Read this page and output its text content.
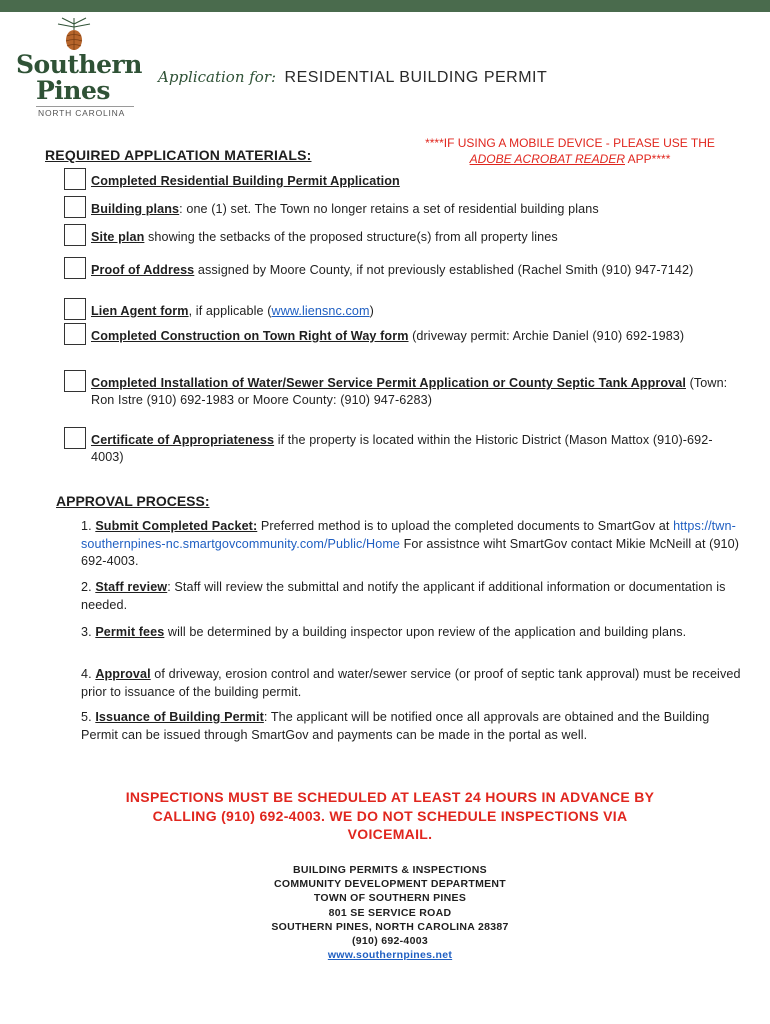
Southern
Pines
NORTH CAROLINA
Application for: RESIDENTIAL BUILDING PERMIT
REQUIRED APPLICATION MATERIALS:
****IF USING A MOBILE DEVICE - PLEASE USE THE
ADOBE ACROBAT READER APP****
Completed Residential Building Permit Application
Building plans: one (1) set. The Town no longer retains a set of residential building plans
Site plan showing the setbacks of the proposed structure(s) from all property lines
Proof of Address assigned by Moore County, if not previously established (Rachel Smith (910) 947-7142)
Lien Agent form, if applicable (www.liensnc.com)
Completed Construction on Town Right of Way form (driveway permit: Archie Daniel (910) 692-1983)
Completed Installation of Water/Sewer Service Permit Application or County Septic Tank Approval (Town: Ron Istre (910) 692-1983 or Moore County: (910) 947-6283)
Certificate of Appropriateness if the property is located within the Historic District (Mason Mattox (910)-692-4003)
APPROVAL PROCESS:
1. Submit Completed Packet: Preferred method is to upload the completed documents to SmartGov at https://twn-southernpines-nc.smartgovcommunity.com/Public/Home For assistnce wiht SmartGov contact Mikie McNeill at (910) 692-4003.
2. Staff review: Staff will review the submittal and notify the applicant if additional information or documentation is needed.
3. Permit fees will be determined by a building inspector upon review of the application and building plans.
4. Approval of driveway, erosion control and water/sewer service (or proof of septic tank approval) must be received prior to issuance of the building permit.
5. Issuance of Building Permit: The applicant will be notified once all approvals are obtained and the Building Permit can be issued through SmartGov and payments can be made in the portal as well.
INSPECTIONS MUST BE SCHEDULED AT LEAST 24 HOURS IN ADVANCE BY
CALLING (910) 692-4003. WE DO NOT SCHEDULE INSPECTIONS VIA
VOICEMAIL.
BUILDING PERMITS & INSPECTIONS
COMMUNITY DEVELOPMENT DEPARTMENT
TOWN OF SOUTHERN PINES
801 SE SERVICE ROAD
SOUTHERN PINES, NORTH CAROLINA 28387
(910) 692-4003
www.southernpines.net
